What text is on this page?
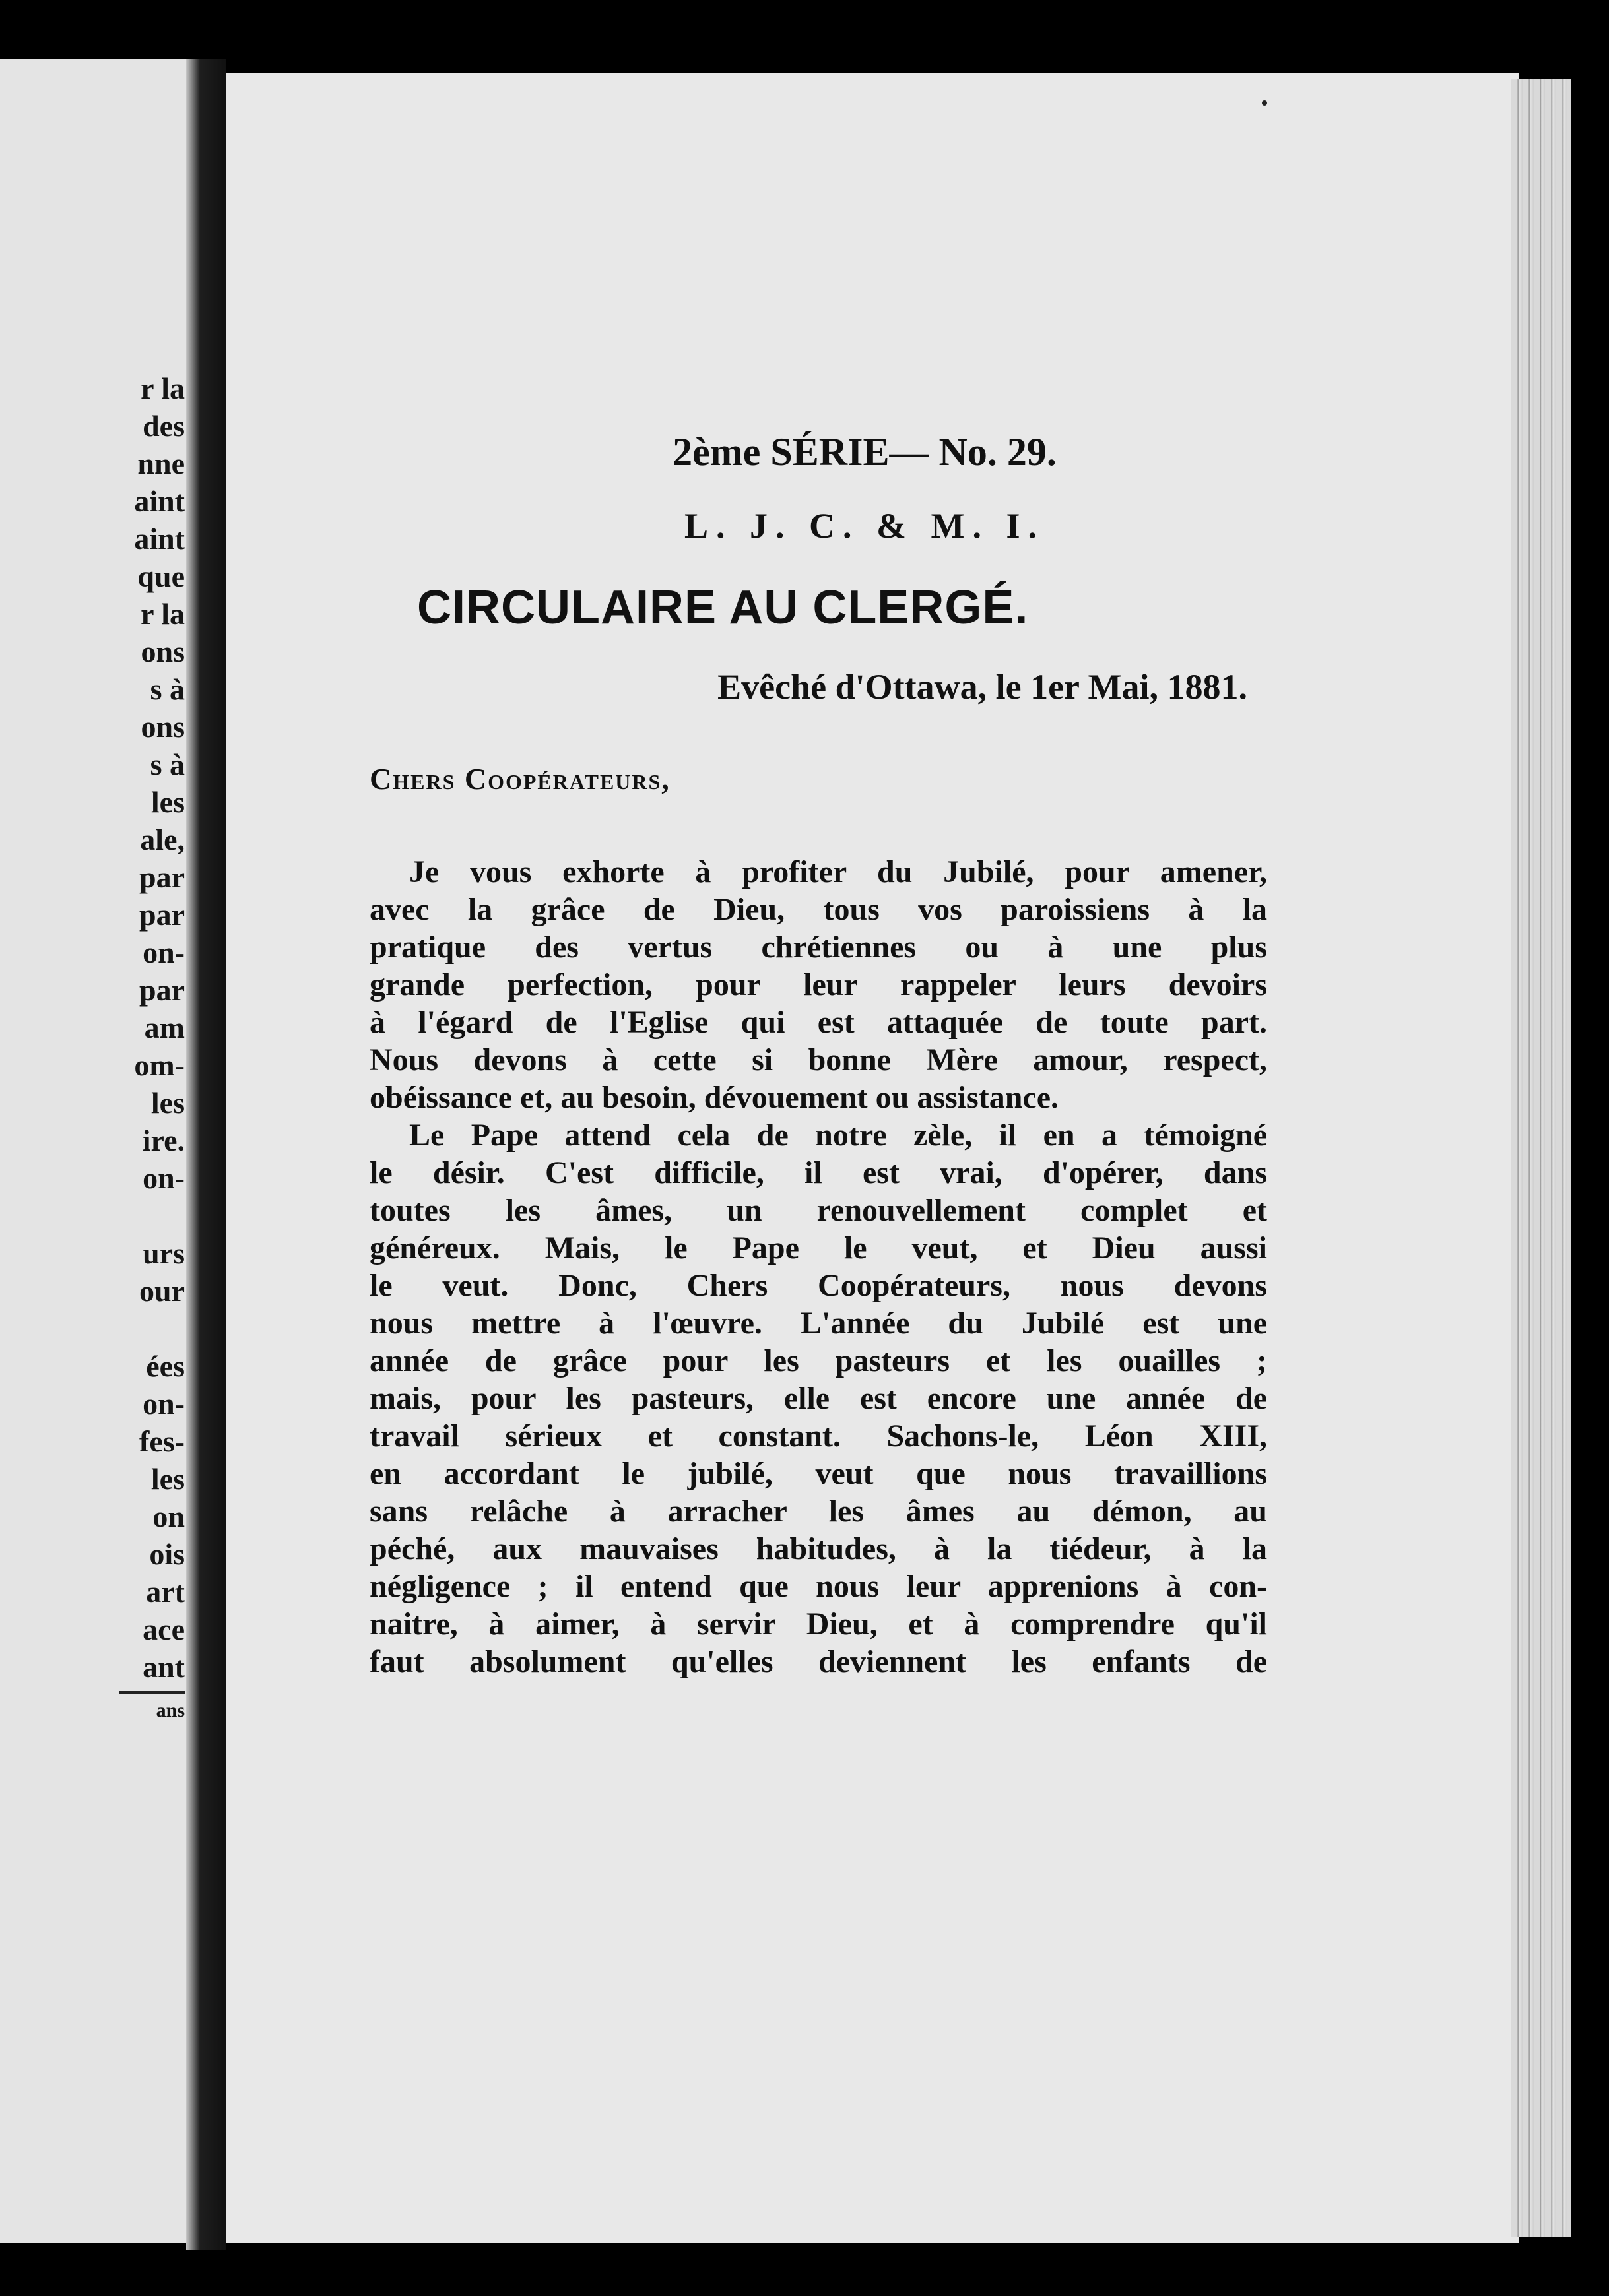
r la
des
nne
aint
aint
que
r la
ons
s à
ons
s à
les
ale,
par
par
on-
par
am
om-
les
ire.
on-
urs
our
ées
on-
fes-
les
on
ois
art
ace
ant
ans
2ème SÉRIE— No. 29.
L. J. C. & M. I.
CIRCULAIRE AU CLERGÉ.
Evêché d'Ottawa, le 1er Mai, 1881.
Chers Coopérateurs,
Je vous exhorte à profiter du Jubilé, pour amener,
avec la grâce de Dieu, tous vos paroissiens à la
pratique des vertus chrétiennes ou à une plus
grande perfection, pour leur rappeler leurs devoirs
à l'égard de l'Eglise qui est attaquée de toute part.
Nous devons à cette si bonne Mère amour, respect,
obéissance et, au besoin, dévouement ou assistance.
Le Pape attend cela de notre zèle, il en a témoigné
le désir. C'est difficile, il est vrai, d'opérer, dans
toutes les âmes, un renouvellement complet et
généreux. Mais, le Pape le veut, et Dieu aussi
le veut. Donc, Chers Coopérateurs, nous devons
nous mettre à l'œuvre. L'année du Jubilé est une
année de grâce pour les pasteurs et les ouailles ;
mais, pour les pasteurs, elle est encore une année de
travail sérieux et constant. Sachons-le, Léon XIII,
en accordant le jubilé, veut que nous travaillions
sans relâche à arracher les âmes au démon, au
péché, aux mauvaises habitudes, à la tiédeur, à la
négligence ; il entend que nous leur apprenions à con-
naitre, à aimer, à servir Dieu, et à comprendre qu'il
faut absolument qu'elles deviennent les enfants de
